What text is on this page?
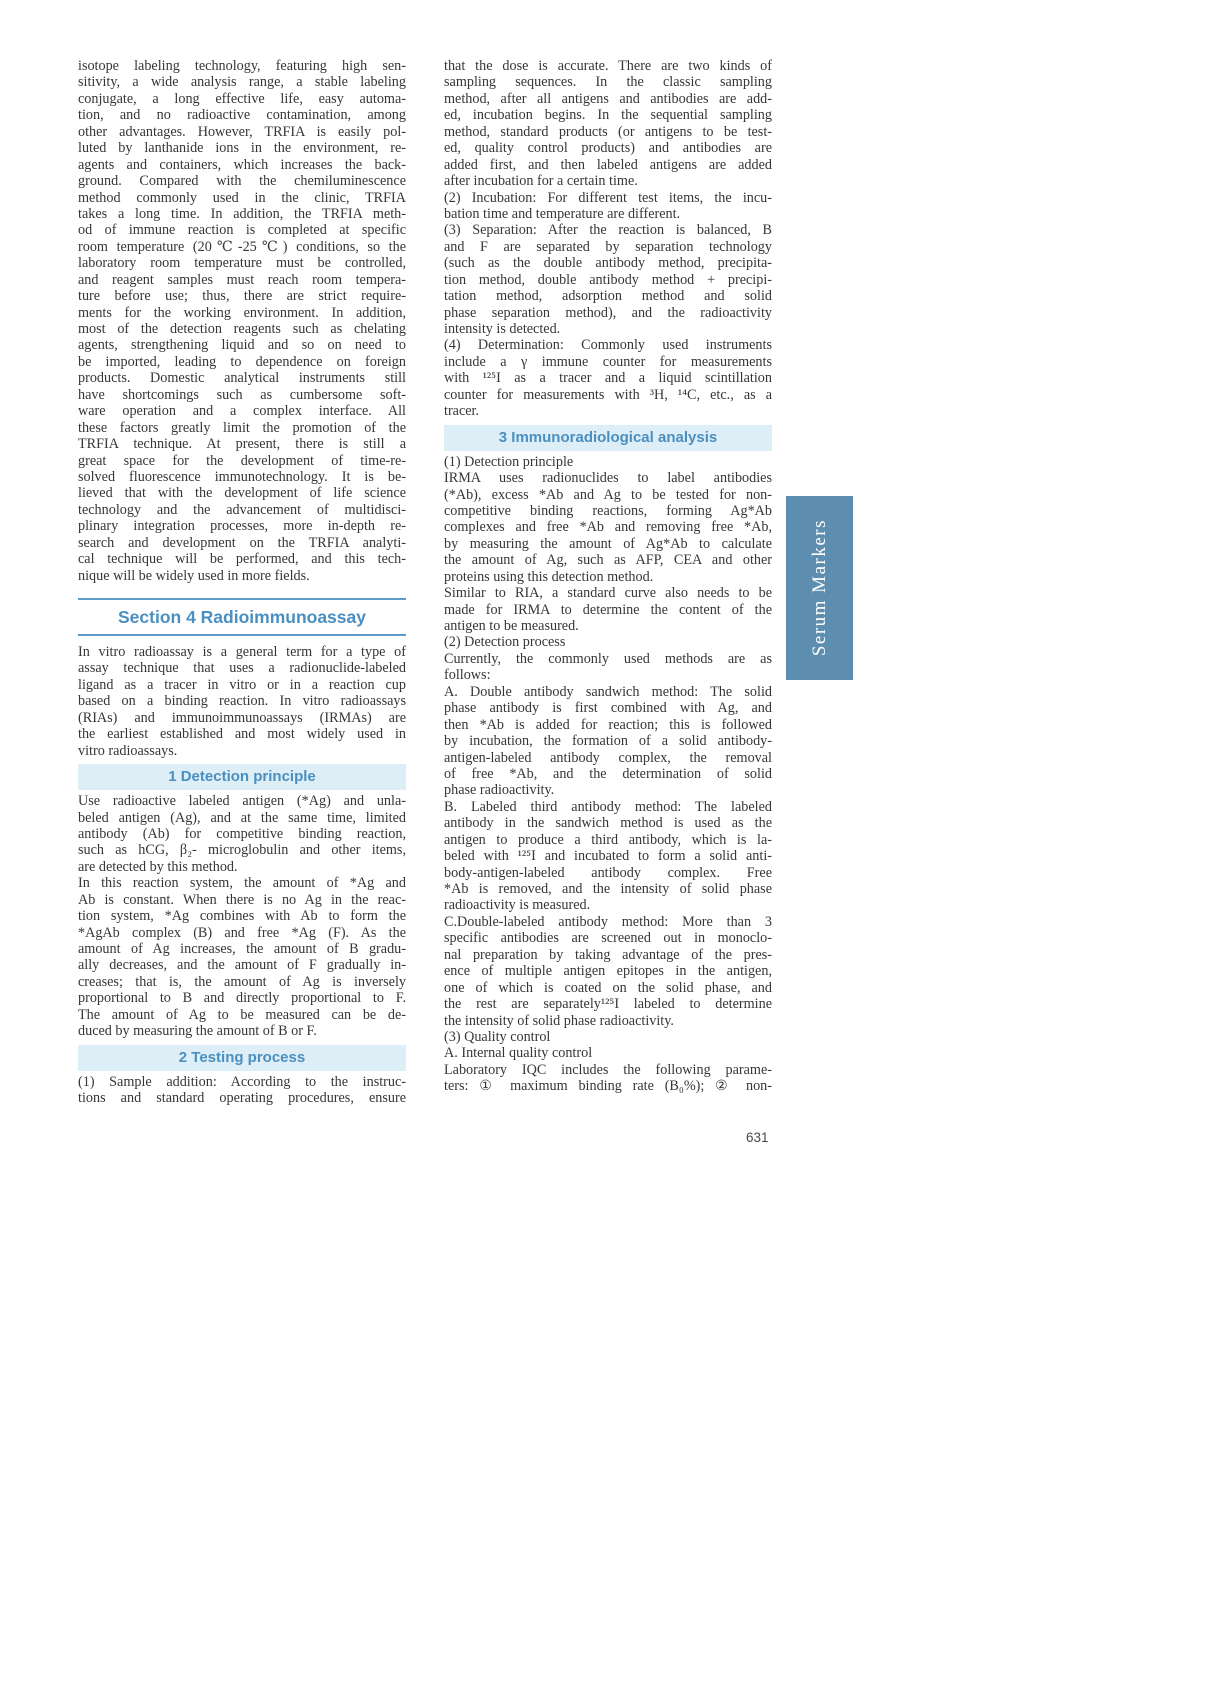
isotope labeling technology, featuring high sen-
sitivity, a wide analysis range, a stable labeling
conjugate, a long effective life, easy automa-
tion, and no radioactive contamination, among
other advantages. However, TRFIA is easily pol-
luted by lanthanide ions in the environment, re-
agents and containers, which increases the back-
ground. Compared with the chemiluminescence
method commonly used in the clinic, TRFIA
takes a long time. In addition, the TRFIA meth-
od of immune reaction is completed at specific
room temperature (20℃-25℃) conditions, so the
laboratory room temperature must be controlled,
and reagent samples must reach room tempera-
ture before use; thus, there are strict require-
ments for the working environment. In addition,
most of the detection reagents such as chelating
agents, strengthening liquid and so on need to
be imported, leading to dependence on foreign
products. Domestic analytical instruments still
have shortcomings such as cumbersome soft-
ware operation and a complex interface. All
these factors greatly limit the promotion of the
TRFIA technique. At present, there is still a
great space for the development of time-re-
solved fluorescence immunotechnology. It is be-
lieved that with the development of life science
technology and the advancement of multidisci-
plinary integration processes, more in-depth re-
search and development on the TRFIA analyti-
cal technique will be performed, and this tech-
nique will be widely used in more fields.
Section 4 Radioimmunoassay
In vitro radioassay is a general term for a type of
assay technique that uses a radionuclide-labeled
ligand as a tracer in vitro or in a reaction cup
based on a binding reaction. In vitro radioassays
(RIAs) and immunoimmunoassays (IRMAs) are
the earliest established and most widely used in
vitro radioassays.
1 Detection principle
Use radioactive labeled antigen (*Ag) and unla-
beled antigen (Ag), and at the same time, limited
antibody (Ab) for competitive binding reaction,
such as hCG, β₂- microglobulin and other items,
are detected by this method.
In this reaction system, the amount of *Ag and
Ab is constant. When there is no Ag in the reac-
tion system, *Ag combines with Ab to form the
*AgAb complex (B) and free *Ag (F). As the
amount of Ag increases, the amount of B gradu-
ally decreases, and the amount of F gradually in-
creases; that is, the amount of Ag is inversely
proportional to B and directly proportional to F.
The amount of Ag to be measured can be de-
duced by measuring the amount of B or F.
2 Testing process
(1) Sample addition: According to the instruc-
tions and standard operating procedures, ensure
that the dose is accurate. There are two kinds of
sampling sequences. In the classic sampling
method, after all antigens and antibodies are add-
ed, incubation begins. In the sequential sampling
method, standard products (or antigens to be test-
ed, quality control products) and antibodies are
added first, and then labeled antigens are added
after incubation for a certain time.
(2) Incubation: For different test items, the incu-
bation time and temperature are different.
(3) Separation: After the reaction is balanced, B
and F are separated by separation technology
(such as the double antibody method, precipita-
tion method, double antibody method + precipi-
tation method, adsorption method and solid
phase separation method), and the radioactivity
intensity is detected.
(4) Determination: Commonly used instruments
include a γ immune counter for measurements
with ¹²⁵I as a tracer and a liquid scintillation
counter for measurements with ³H, ¹⁴C, etc., as a
tracer.
3 Immunoradiological analysis
(1) Detection principle
IRMA uses radionuclides to label antibodies
(*Ab), excess *Ab and Ag to be tested for non-
competitive binding reactions, forming Ag*Ab
complexes and free *Ab and removing free *Ab,
by measuring the amount of Ag*Ab to calculate
the amount of Ag, such as AFP, CEA and other
proteins using this detection method.
Similar to RIA, a standard curve also needs to be
made for IRMA to determine the content of the
antigen to be measured.
(2) Detection process
Currently, the commonly used methods are as
follows:
A. Double antibody sandwich method: The solid
phase antibody is first combined with Ag, and
then *Ab is added for reaction; this is followed
by incubation, the formation of a solid antibody-
antigen-labeled antibody complex, the removal
of free *Ab, and the determination of solid
phase radioactivity.
B. Labeled third antibody method: The labeled
antibody in the sandwich method is used as the
antigen to produce a third antibody, which is la-
beled with ¹²⁵I and incubated to form a solid anti-
body-antigen-labeled antibody complex. Free
*Ab is removed, and the intensity of solid phase
radioactivity is measured.
C.Double-labeled antibody method: More than 3
specific antibodies are screened out in monoclo-
nal preparation by taking advantage of the pres-
ence of multiple antigen epitopes in the antigen,
one of which is coated on the solid phase, and
the rest are separately¹²⁵I labeled to determine
the intensity of solid phase radioactivity.
(3) Quality control
A. Internal quality control
Laboratory IQC includes the following parame-
ters: ① maximum binding rate (B₀%); ② non-
Serum Markers
631
